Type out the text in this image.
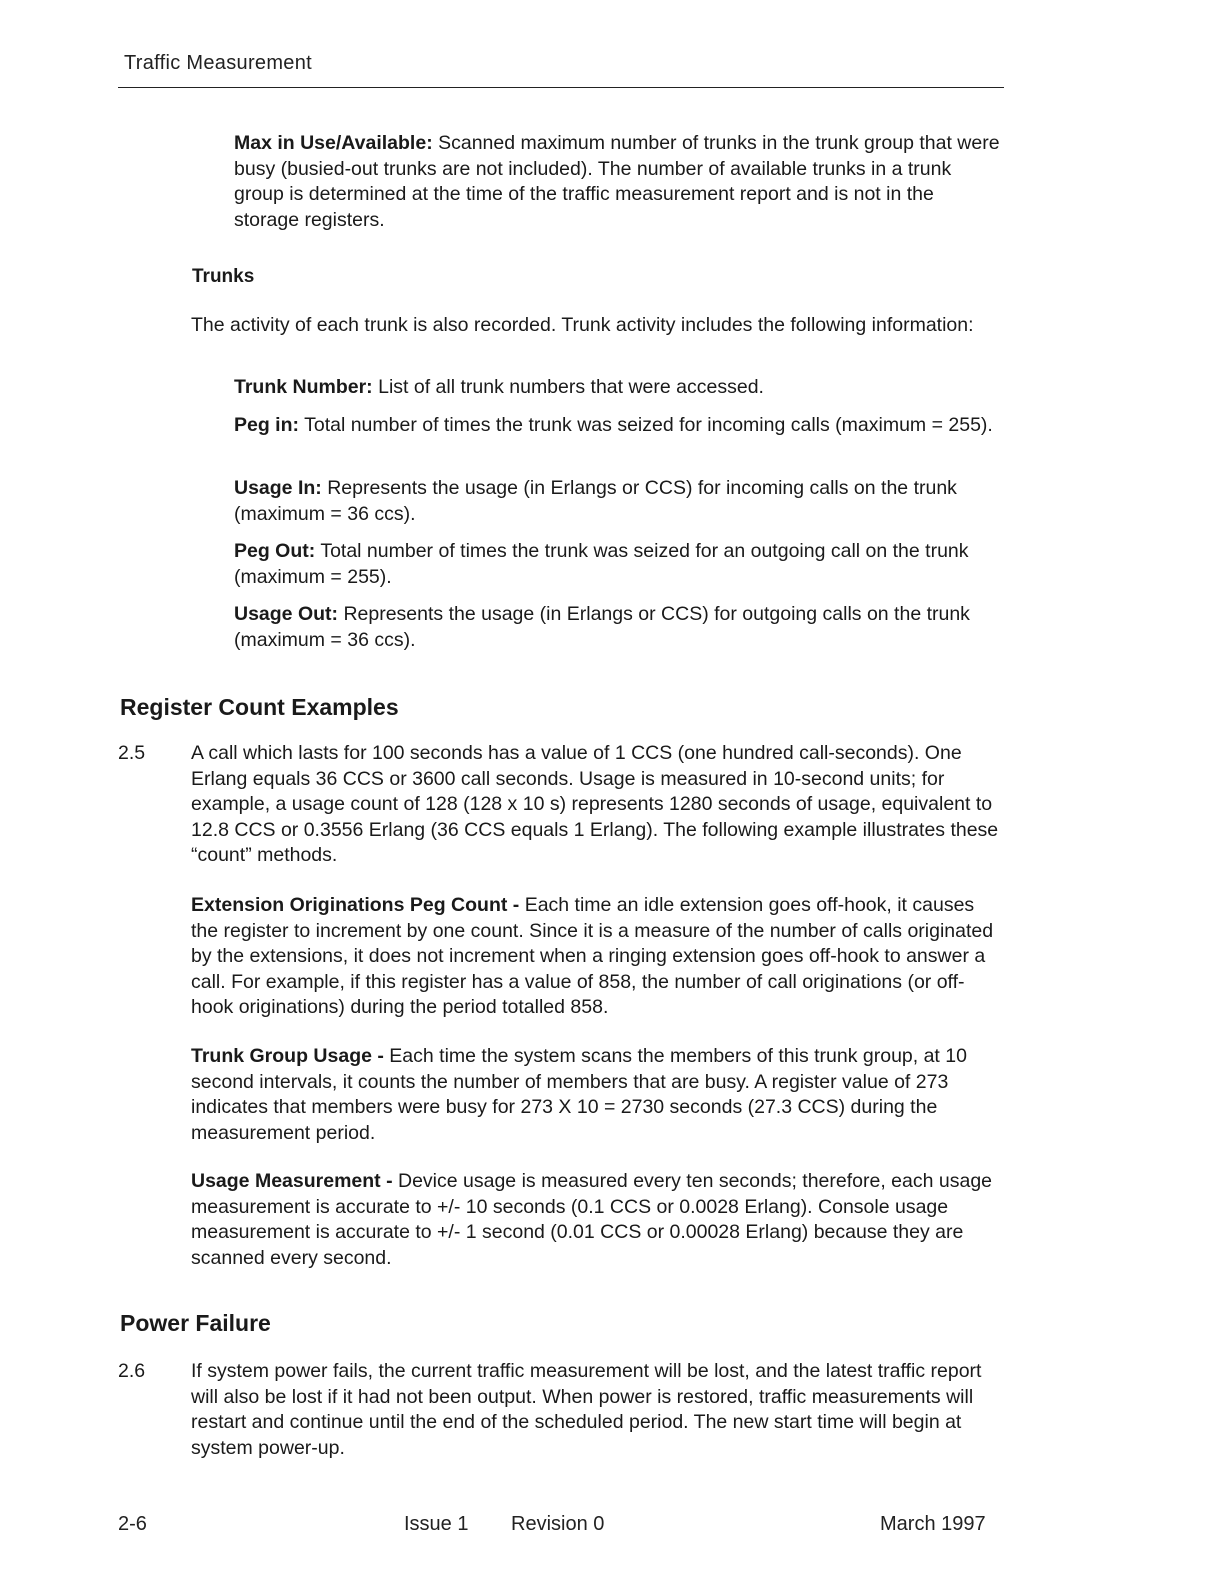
Traffic Measurement

Max in Use/Available: Scanned maximum number of trunks in the trunk group that were busy (busied-out trunks are not included). The number of available trunks in a trunk group is determined at the time of the traffic measurement report and is not in the storage registers.

Trunks

The activity of each trunk is also recorded. Trunk activity includes the following information:

Trunk Number: List of all trunk numbers that were accessed.

Peg in: Total number of times the trunk was seized for incoming calls (maximum = 255).

Usage In: Represents the usage (in Erlangs or CCS) for incoming calls on the trunk (maximum = 36 ccs).

Peg Out: Total number of times the trunk was seized for an outgoing call on the trunk (maximum = 255).

Usage Out: Represents the usage (in Erlangs or CCS) for outgoing calls on the trunk (maximum = 36 ccs).

Register Count Examples
2.5 A call which lasts for 100 seconds has a value of 1 CCS (one hundred call-seconds). One Erlang equals 36 CCS or 3600 call seconds. Usage is measured in 10-second units; for example, a usage count of 128 (128 x 10 s) represents 1280 seconds of usage, equivalent to 12.8 CCS or 0.3556 Erlang (36 CCS equals 1 Erlang). The following example illustrates these “count” methods.

Extension Originations Peg Count - Each time an idle extension goes off-hook, it causes the register to increment by one count. Since it is a measure of the number of calls originated by the extensions, it does not increment when a ringing extension goes off-hook to answer a call. For example, if this register has a value of 858, the number of call originations (or off-hook originations) during the period totalled 858.

Trunk Group Usage - Each time the system scans the members of this trunk group, at 10 second intervals, it counts the number of members that are busy. A register value of 273 indicates that members were busy for 273 X 10 = 2730 seconds (27.3 CCS) during the measurement period.

Usage Measurement - Device usage is measured every ten seconds; therefore, each usage measurement is accurate to +/- 10 seconds (0.1 CCS or 0.0028 Erlang). Console usage measurement is accurate to +/- 1 second (0.01 CCS or 0.00028 Erlang) because they are scanned every second.

Power Failure
2.6 If system power fails, the current traffic measurement will be lost, and the latest traffic report will also be lost if it had not been output. When power is restored, traffic measurements will restart and continue until the end of the scheduled period. The new start time will begin at system power-up.

2-6	Issue 1 Revision 0	March 1997
